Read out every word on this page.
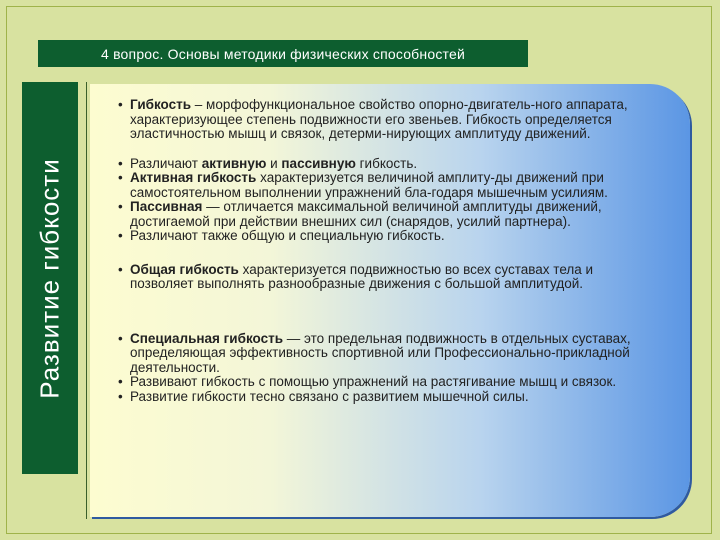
4 вопрос. Основы методики физических способностей
Развитие гибкости
• Гибкость – морфофункциональное свойство опорно-двигатель-ного аппарата, характеризующее степень подвижности его звеньев. Гибкость определяется эластичностью мышц и связок, детерми-нирующих амплитуду движений.
• Различают активную и пассивную гибкость.
• Активная гибкость характеризуется величиной амплиту-ды движений при самостоятельном выполнении упражнений бла-годаря мышечным усилиям.
• Пассивная — отличается максимальной величиной амплитуды движений, достигаемой при действии внешних сил (снарядов, усилий партнера).
• Различают также общую и специальную гибкость.
• Общая гибкость характеризуется подвижностью во всех суставах тела и позволяет выполнять разнообразные движения с большой амплитудой.
• Специальная гибкость — это предельная подвижность в отдельных суставах, определяющая эффективность спортивной или Профессионально-прикладной деятельности.
• Развивают гибкость с помощью упражнений на растягивание мышц и связок.
• Развитие гибкости тесно связано с развитием мышечной силы.
